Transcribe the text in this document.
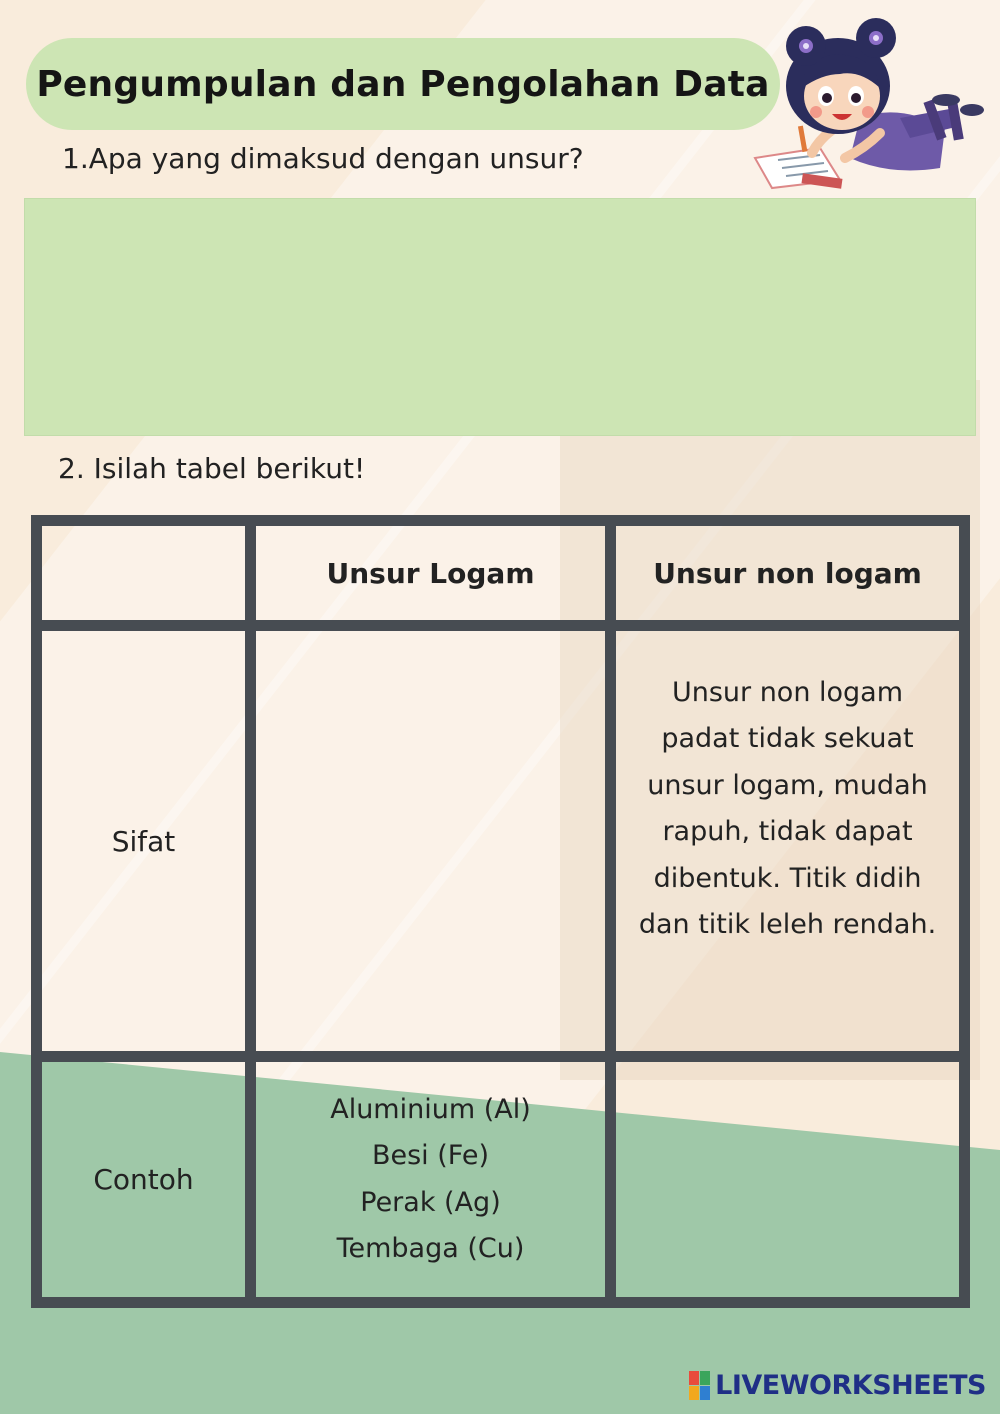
Pengumpulan dan Pengolahan Data
1.Apa yang dimaksud dengan unsur?
2. Isilah tabel berikut!
Unsur Logam	Unsur non logam
Sifat
Unsur non logam
padat tidak sekuat
unsur logam, mudah
rapuh, tidak dapat
dibentuk. Titik didih
dan titik leleh rendah.
Contoh
Aluminium (Al)
Besi (Fe)
Perak (Ag)
Tembaga (Cu)
LIVEWORKSHEETS
